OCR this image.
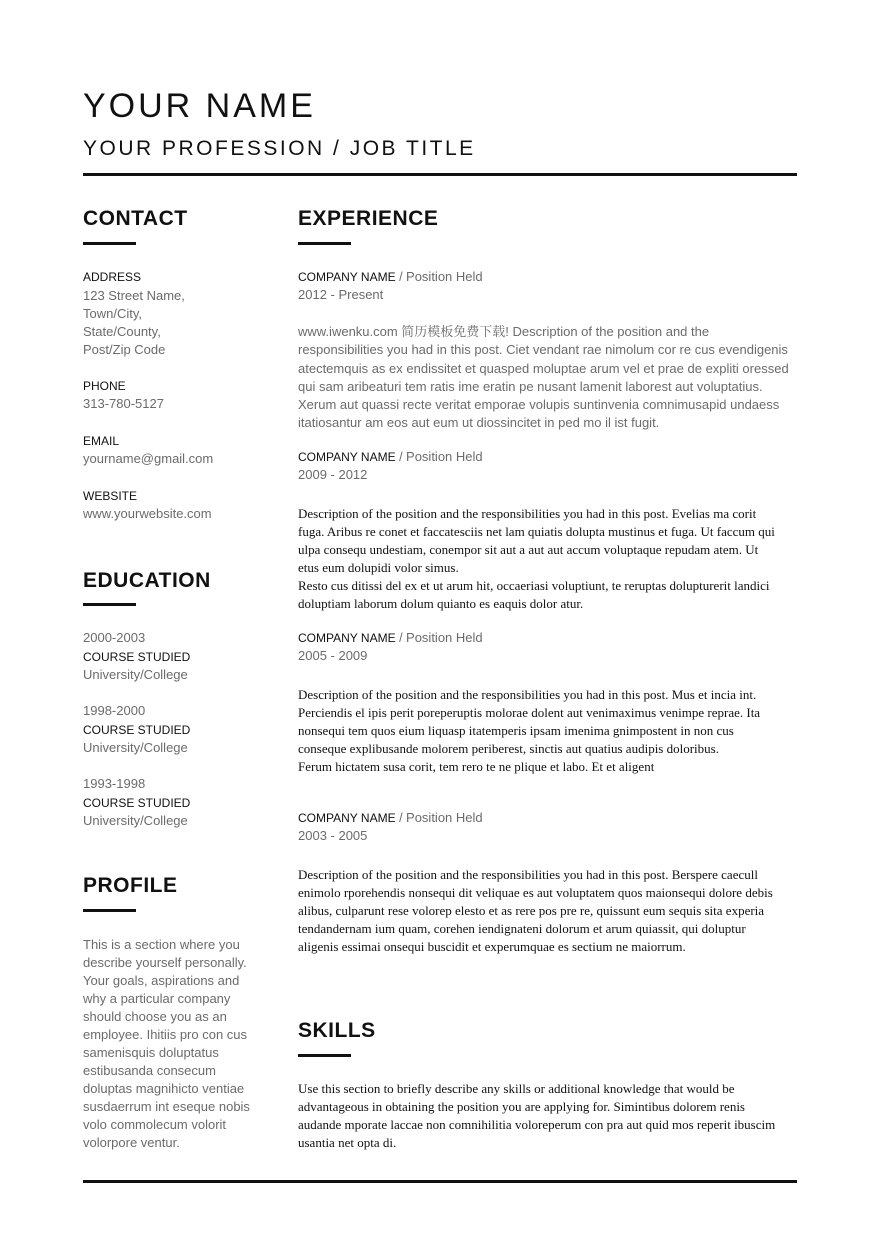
YOUR NAME
YOUR PROFESSION / JOB TITLE
CONTACT
ADDRESS
123 Street Name,
Town/City,
State/County,
Post/Zip Code
PHONE
313-780-5127
EMAIL
yourname@gmail.com
WEBSITE
www.yourwebsite.com
EDUCATION
2000-2003
COURSE STUDIED
University/College
1998-2000
COURSE STUDIED
University/College
1993-1998
COURSE STUDIED
University/College
PROFILE
This is a section where you
describe yourself personally.
Your goals, aspirations and
why a particular company
should choose you as an
employee. Ihitiis pro con cus
samenisquis doluptatus
estibusanda consecum
doluptas magnihicto ventiae
susdaerrum int eseque nobis
volo commolecum volorit
volorpore ventur.
EXPERIENCE
COMPANY NAME / Position Held
2012 - Present
www.iwenku.com 简历模板免费下载! Description of the position and the
responsibilities you had in this post. Ciet vendant rae nimolum cor re cus evendigenis
atectemquis as ex endissitet et quasped moluptae arum vel et prae de expliti oressed
qui sam aribeaturi tem ratis ime eratin pe nusant lamenit laborest aut voluptatius.
Xerum aut quassi recte veritat emporae volupis suntinvenia comnimusapid undaess
itatiosantur am eos aut eum ut diossincitet in ped mo il ist fugit.
COMPANY NAME / Position Held
2009 - 2012
Description of the position and the responsibilities you had in this post. Evelias ma corit
fuga. Aribus re conet et faccatesciis net lam quiatis dolupta mustinus et fuga. Ut faccum qui
ulpa consequ undestiam, conempor sit aut a aut aut accum voluptaque repudam atem. Ut
etus eum dolupidi volor simus.
Resto cus ditissi del ex et ut arum hit, occaeriasi voluptiunt, te reruptas dolupturerit landici
doluptiam laborum dolum quianto es eaquis dolor atur.
COMPANY NAME / Position Held
2005 - 2009
Description of the position and the responsibilities you had in this post. Mus et incia int.
Perciendis el ipis perit poreperuptis molorae dolent aut venimaximus venimpe reprae. Ita
nonsequi tem quos eium liquasp itatemperis ipsam imenima gnimpostent in non cus
conseque explibusande molorem periberest, sinctis aut quatius audipis doloribus.
Ferum hictatem susa corit, tem rero te ne plique et labo. Et et aligent
COMPANY NAME / Position Held
2003 - 2005
Description of the position and the responsibilities you had in this post. Berspere caecull
enimolo rporehendis nonsequi dit veliquae es aut voluptatem quos maionsequi dolore debis
alibus, culparunt rese volorep elesto et as rere pos pre re, quissunt eum sequis sita experia
tendandernam ium quam, corehen iendignateni dolorum et arum quiassit, qui doluptur
aligenis essimai onsequi buscidit et experumquae es sectium ne maiorrum.
SKILLS
Use this section to briefly describe any skills or additional knowledge that would be
advantageous in obtaining the position you are applying for. Simintibus dolorem renis
audande mporate laccae non comnihilitia voloreperum con pra aut quid mos reperit ibuscim
usantia net opta di.
